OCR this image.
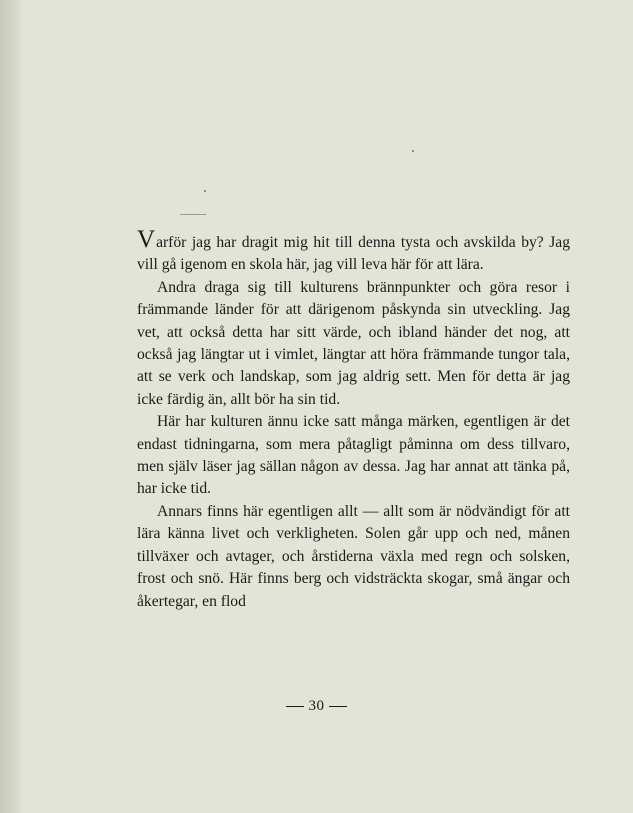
Varför jag har dragit mig hit till denna tysta och avskilda by? Jag vill gå igenom en skola här, jag vill leva här för att lära.

Andra draga sig till kulturens brännpunkter och göra resor i främmande länder för att därigenom påskynda sin utveckling. Jag vet, att också detta har sitt värde, och ibland händer det nog, att också jag längtar ut i vimlet, längtar att höra främmande tungor tala, att se verk och landskap, som jag aldrig sett. Men för detta är jag icke färdig än, allt bör ha sin tid.

Här har kulturen ännu icke satt många märken, egentligen är det endast tidningarna, som mera påtagligt påminna om dess tillvaro, men själv läser jag sällan någon av dessa. Jag har annat att tänka på, har icke tid.

Annars finns här egentligen allt — allt som är nödvändigt för att lära känna livet och verkligheten. Solen går upp och ned, månen tillväxer och avtager, och årstiderna växla med regn och solsken, frost och snö. Här finns berg och vidsträckta skogar, små ängar och åkertegar, en flod

30
